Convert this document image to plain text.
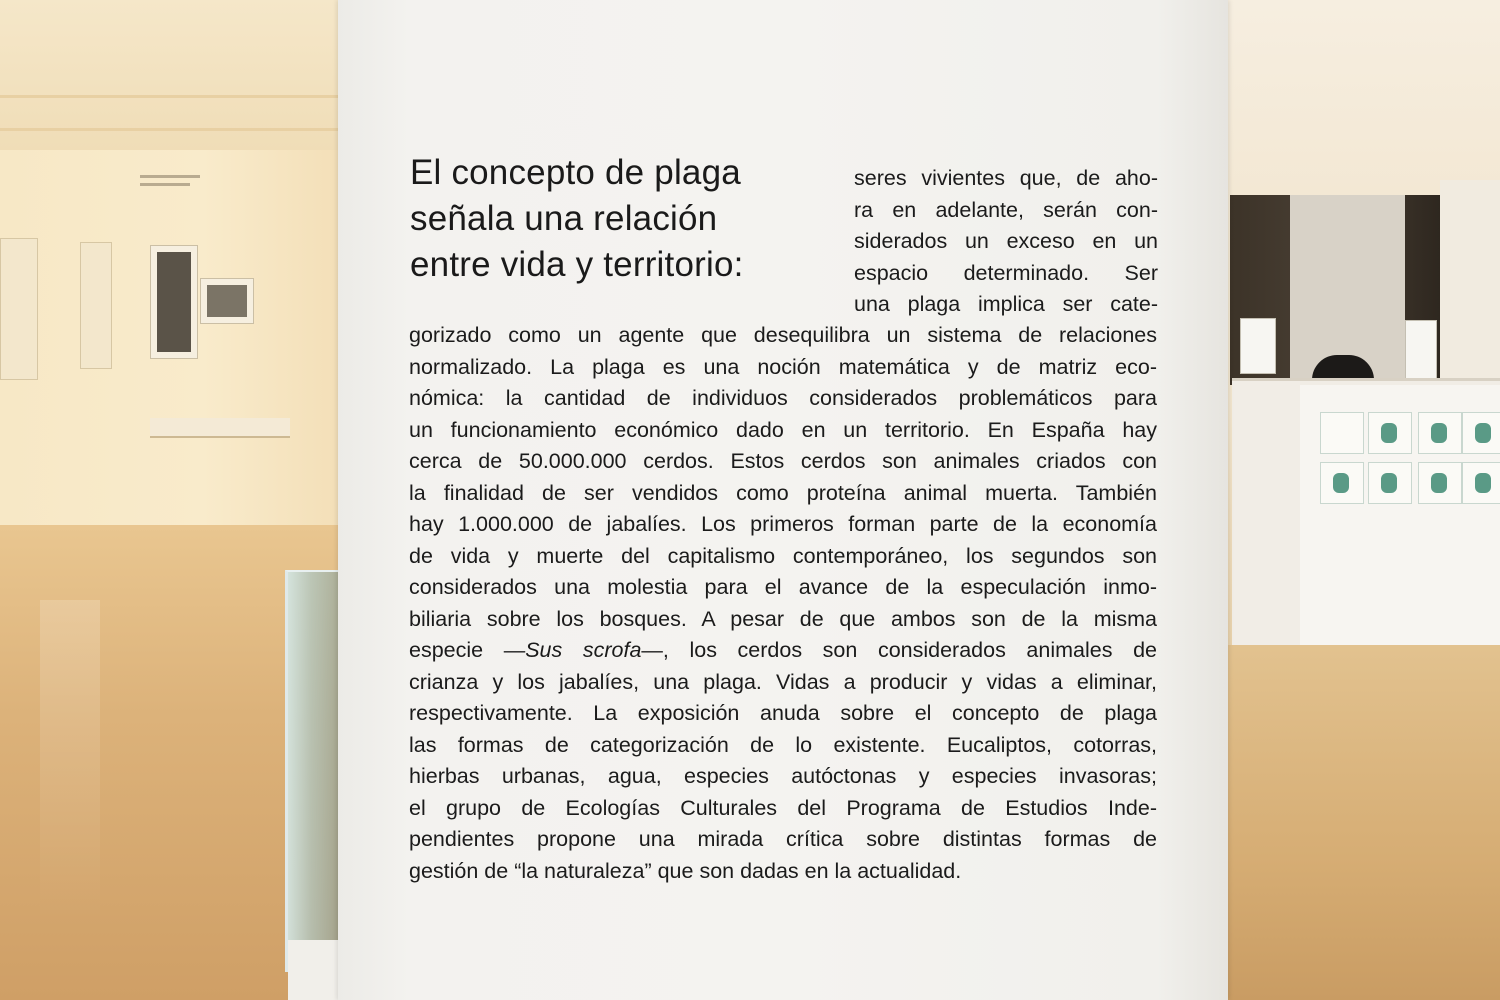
El concepto de plaga
señala una relación
entre vida y territorio:
seres vivientes que, de aho-
ra en adelante, serán con-
siderados un exceso en un
espacio determinado. Ser
una plaga implica ser cate-
gorizado como un agente que desequilibra un sistema de relaciones
normalizado. La plaga es una noción matemática y de matriz eco-
nómica: la cantidad de individuos considerados problemáticos para
un funcionamiento económico dado en un territorio. En España hay
cerca de 50.000.000 cerdos. Estos cerdos son animales criados con
la finalidad de ser vendidos como proteína animal muerta. También
hay 1.000.000 de jabalíes. Los primeros forman parte de la economía
de vida y muerte del capitalismo contemporáneo, los segundos son
considerados una molestia para el avance de la especulación inmo-
biliaria sobre los bosques. A pesar de que ambos son de la misma
especie —Sus scrofa—, los cerdos son considerados animales de
crianza y los jabalíes, una plaga. Vidas a producir y vidas a eliminar,
respectivamente. La exposición anuda sobre el concepto de plaga
las formas de categorización de lo existente. Eucaliptos, cotorras,
hierbas urbanas, agua, especies autóctonas y especies invasoras;
el grupo de Ecologías Culturales del Programa de Estudios Inde-
pendientes propone una mirada crítica sobre distintas formas de
gestión de “la naturaleza” que son dadas en la actualidad.
